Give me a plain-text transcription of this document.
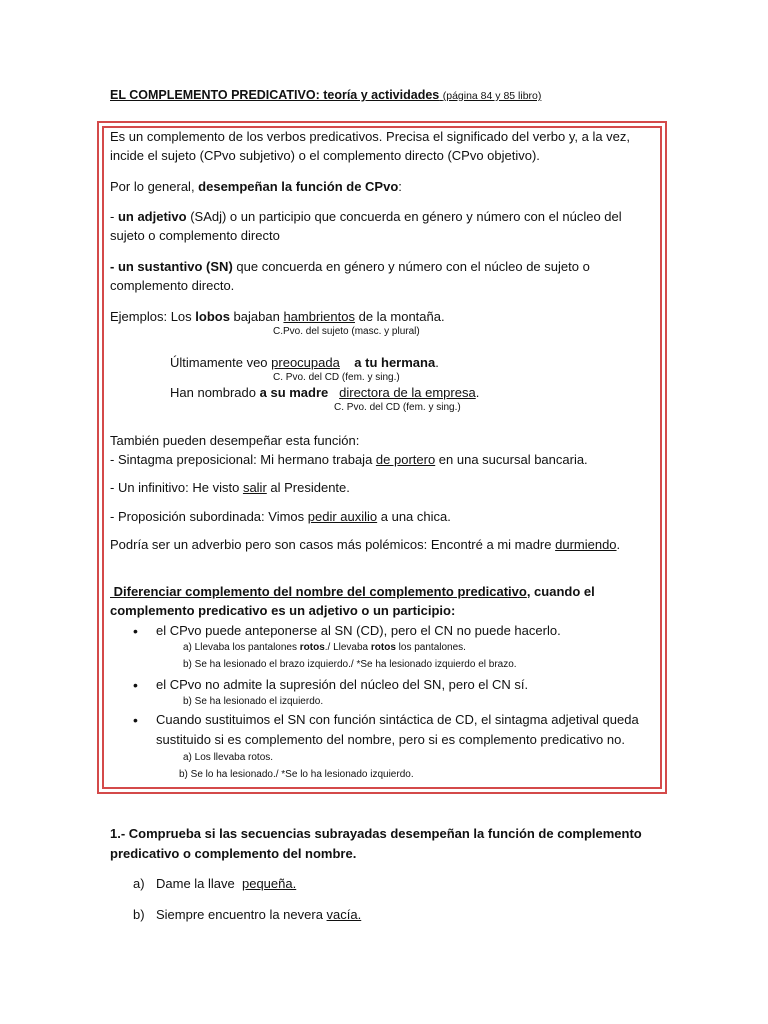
EL COMPLEMENTO PREDICATIVO: teoría y actividades (página 84 y 85 libro)
Es un complemento de los verbos predicativos. Precisa el significado del verbo y, a la vez,
incide el sujeto (CPvo subjetivo) o el complemento directo (CPvo objetivo).
Por lo general, desempeñan la función de CPvo:
- un adjetivo (SAdj) o un participio que concuerda en género y número con el núcleo del
sujeto o complemento directo
- un sustantivo (SN) que concuerda en género y número con el núcleo de sujeto o
complemento directo.
Ejemplos: Los lobos bajaban hambrientos de la montaña.
C.Pvo. del sujeto (masc. y plural)
Últimamente veo preocupada    a tu hermana.
C. Pvo. del CD (fem. y sing.)
Han nombrado a su madre directora de la empresa.
C. Pvo. del CD (fem. y sing.)
También pueden desempeñar esta función:
- Sintagma preposicional: Mi hermano trabaja de portero en una sucursal bancaria.
- Un infinitivo: He visto salir al Presidente.
- Proposición subordinada: Vimos pedir auxilio a una chica.
Podría ser un adverbio pero son casos más polémicos: Encontré a mi madre durmiendo.
Diferenciar complemento del nombre del complemento predicativo, cuando el
complemento predicativo es un adjetivo o un participio:
• el CPvo puede anteponerse al SN (CD), pero el CN no puede hacerlo.
a) Llevaba los pantalones rotos./ Llevaba rotos los pantalones.
b) Se ha lesionado el brazo izquierdo./ *Se ha lesionado izquierdo el brazo.
• el CPvo no admite la supresión del núcleo del SN, pero el CN sí.
b) Se ha lesionado el izquierdo.
• Cuando sustituimos el SN con función sintáctica de CD, el sintagma adjetival queda
sustituido si es complemento del nombre, pero si es complemento predicativo no.
a) Los llevaba rotos.
b) Se lo ha lesionado./ *Se lo ha lesionado izquierdo.
1.- Comprueba si las secuencias subrayadas desempeñan la función de complemento
predicativo o complemento del nombre.
a) Dame la llave  pequeña.
b) Siempre encuentro la nevera vacía.
